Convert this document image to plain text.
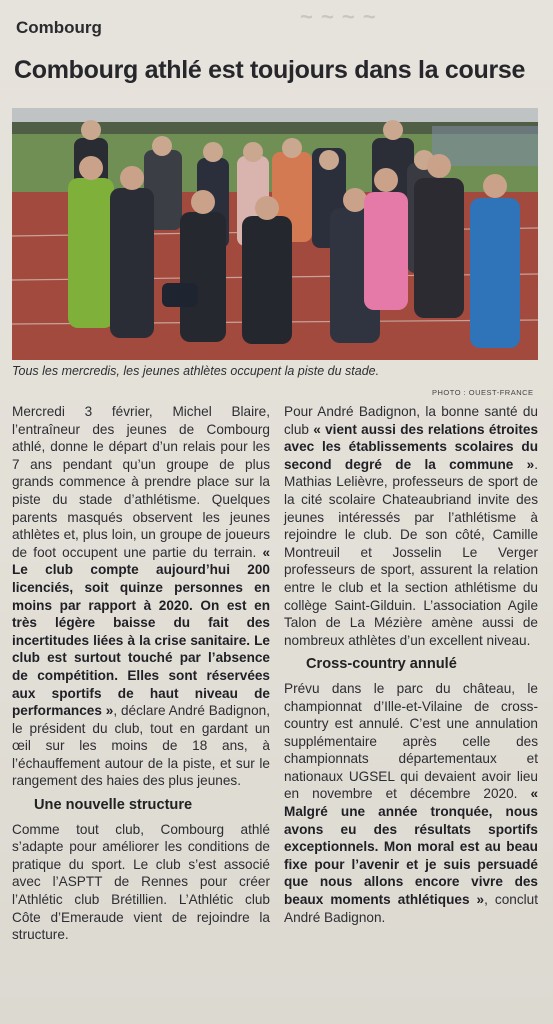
~ ~ ~ ~
Combourg
Combourg athlé est toujours dans la course
Tous les mercredis, les jeunes athlètes occupent la piste du stade.
PHOTO : OUEST-FRANCE

Mercredi 3 février, Michel Blaire, l’entraîneur des jeunes de Combourg athlé, donne le départ d’un relais pour les 7 ans pendant qu’un groupe de plus grands commence à prendre place sur la piste du stade d’athlétisme. Quelques parents masqués observent les jeunes athlètes et, plus loin, un groupe de joueurs de foot occupent une partie du terrain. « Le club compte aujourd’hui 200 licenciés, soit quinze personnes en moins par rapport à 2020. On est en très légère baisse du fait des incertitudes liées à la crise sanitaire. Le club est surtout touché par l’absence de compétition. Elles sont réservées aux sportifs de haut niveau de performances », déclare André Badignon, le président du club, tout en gardant un œil sur les moins de 18 ans, à l’échauffement autour de la piste, et sur le rangement des haies des plus jeunes.

Une nouvelle structure

Comme tout club, Combourg athlé s’adapte pour améliorer les conditions de pratique du sport. Le club s’est associé avec l’ASPTT de Rennes pour créer l’Athlétic club Brétillien. L’Athlétic club Côte d’Emeraude vient de rejoindre la structure.

Pour André Badignon, la bonne santé du club « vient aussi des relations étroites avec les établissements scolaires du second degré de la commune ». Mathias Lelièvre, professeurs de sport de la cité scolaire Chateaubriand invite des jeunes intéressés par l’athlétisme à rejoindre le club. De son côté, Camille Montreuil et Josselin Le Verger professeurs de sport, assurent la relation entre le club et la section athlétisme du collège Saint-Gilduin. L’association Agile Talon de La Mézière amène aussi de nombreux athlètes d’un excellent niveau.

Cross-country annulé

Prévu dans le parc du château, le championnat d’Ille-et-Vilaine de cross-country est annulé. C’est une annulation supplémentaire après celle des championnats départementaux et nationaux UGSEL qui devaient avoir lieu en novembre et décembre 2020. « Malgré une année tronquée, nous avons eu des résultats sportifs exceptionnels. Mon moral est au beau fixe pour l’avenir et je suis persuadé que nous allons encore vivre des beaux moments athlétiques », conclut André Badignon.
